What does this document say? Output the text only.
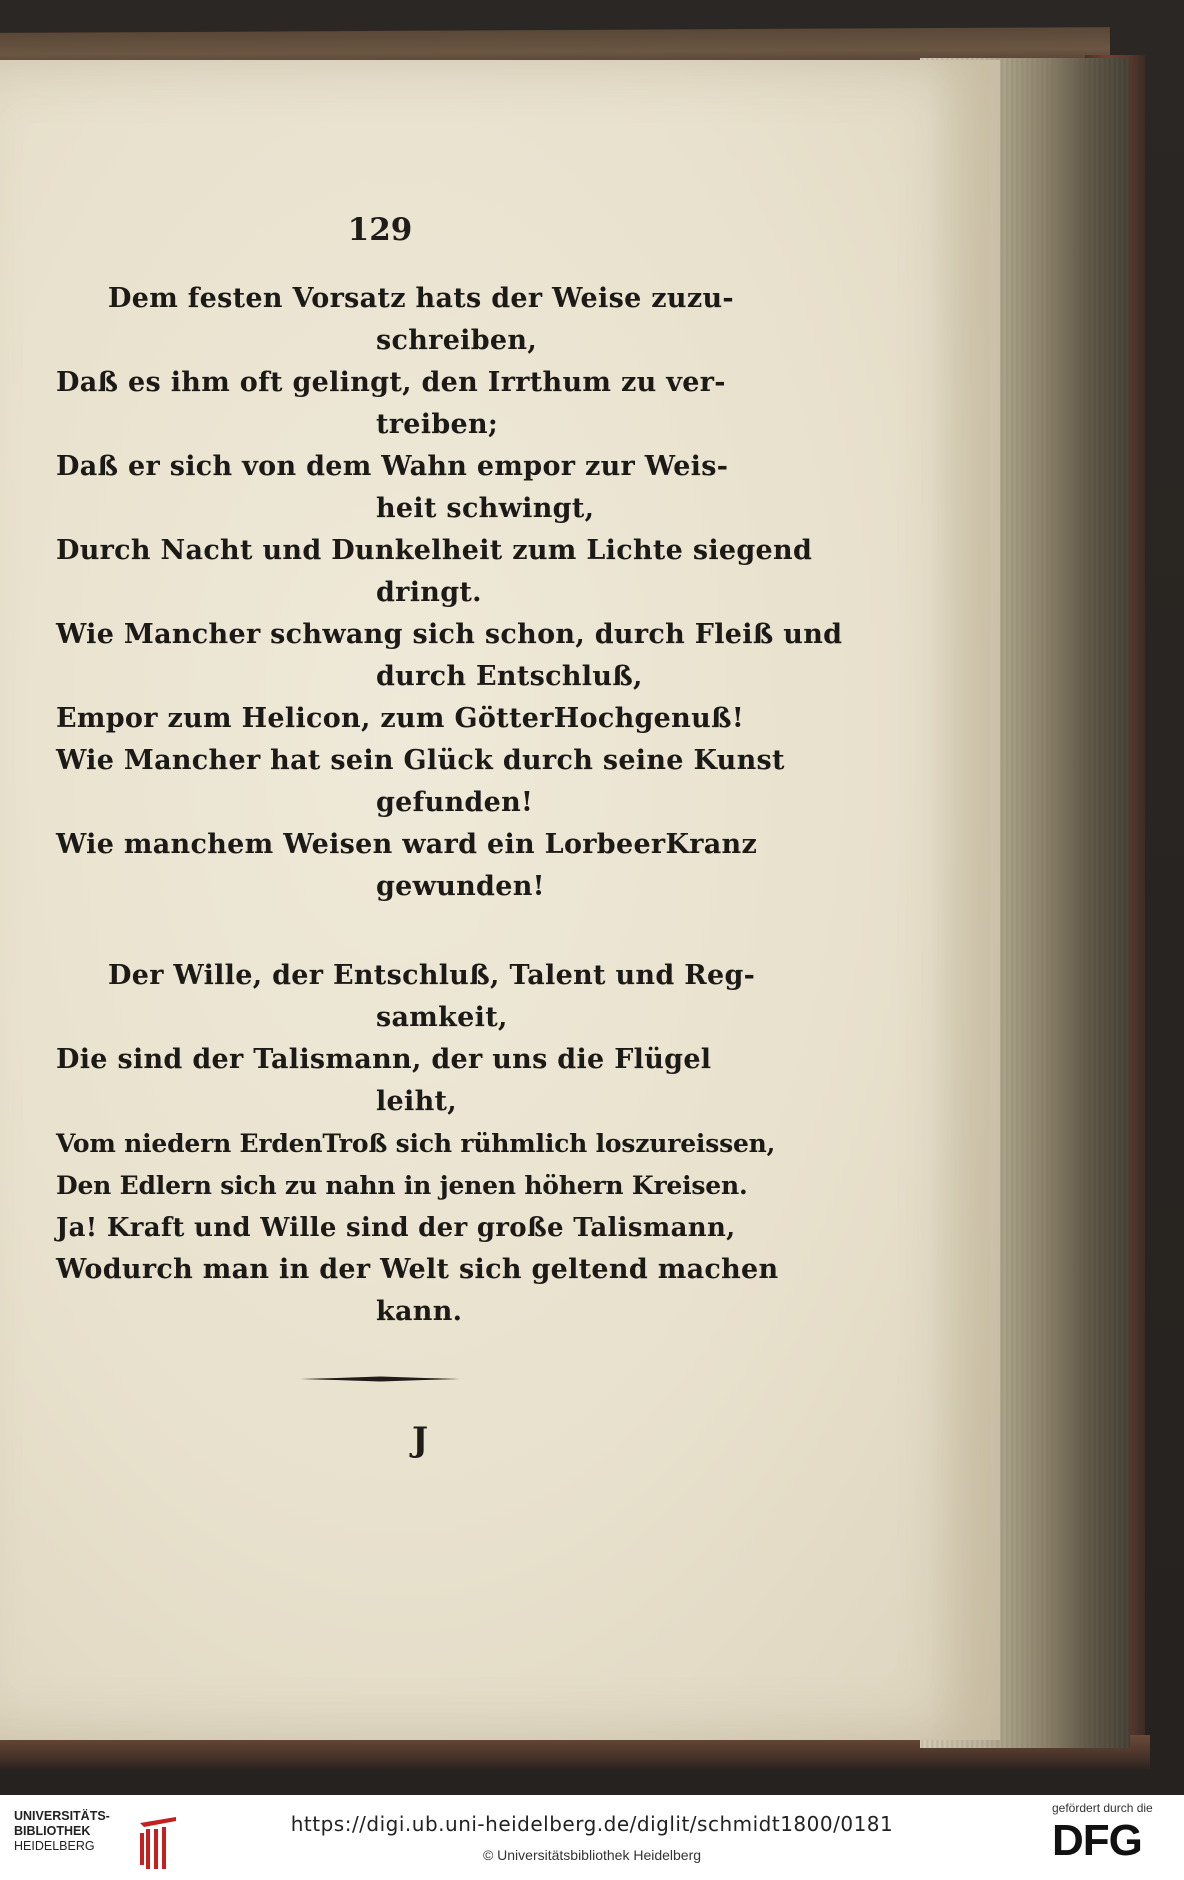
129
Dem festen Vorsatz hats der Weise zuzu-
schreiben,
Daß es ihm oft gelingt, den Irrthum zu ver-
treiben;
Daß er sich von dem Wahn empor zur Weis-
heit schwingt,
Durch Nacht und Dunkelheit zum Lichte siegend
dringt.
Wie Mancher schwang sich schon, durch Fleiß und
durch Entschluß,
Empor zum Helicon, zum GötterHochgenuß!
Wie Mancher hat sein Glück durch seine Kunst
gefunden!
Wie manchem Weisen ward ein LorbeerKranz
gewunden!
Der Wille, der Entschluß, Talent und Reg-
samkeit,
Die sind der Talismann, der uns die Flügel
leiht,
Vom niedern ErdenTroß sich rühmlich loszureissen,
Den Edlern sich zu nahn in jenen höhern Kreisen.
Ja! Kraft und Wille sind der große Talismann,
Wodurch man in der Welt sich geltend machen
kann.
J
UNIVERSITÄTS-
BIBLIOTHEK
HEIDELBERG
https://digi.ub.uni-heidelberg.de/diglit/schmidt1800/0181
© Universitätsbibliothek Heidelberg
gefördert durch die
DFG
